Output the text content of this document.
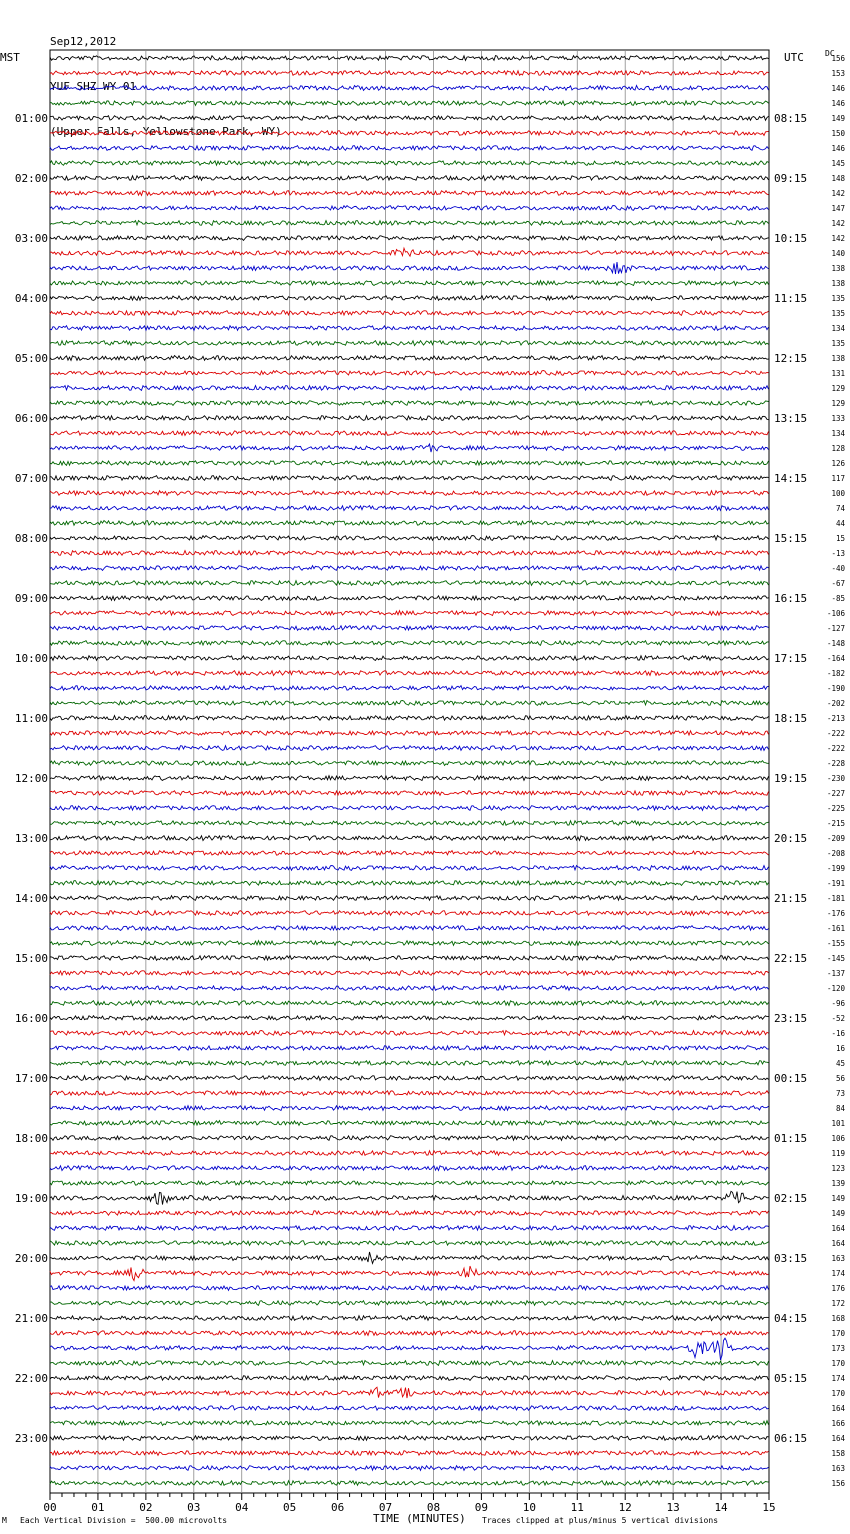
Sep12,2012

YUF SHZ WY 01

(Upper Falls, Yellowstone Park, WY)

MST	UTC	DC
01:00
02:00
03:00
04:00
05:00
06:00
07:00
08:00
09:00
10:00
11:00
12:00
13:00
14:00
15:00
16:00
17:00
18:00
19:00
20:00
21:00
22:00
23:00
08:15
09:15
10:15
11:15
12:15
13:15
14:15
15:15
16:15
17:15
18:15
19:15
20:15
21:15
22:15
23:15
00:15
01:15
02:15
03:15
04:15
05:15
06:15
156
153
146
146
149
150
146
145
148
142
147
142
142
140
138
138
135
135
134
135
138
131
129
129
133
134
128
126
117
100
74
44
15
-13
-40
-67
-85
-106
-127
-148
-164
-182
-190
-202
-213
-222
-222
-228
-230
-227
-225
-215
-209
-208
-199
-191
-181
-176
-161
-155
-145
-137
-120
-96
-52
-16
16
45
56
73
84
101
106
119
123
139
149
149
164
164
163
174
176
172
168
170
173
170
174
170
164
166
164
158
163
156
00	01	02	03	04	05	06	07	08	09	10	11	12	13	14	15
M Each Vertical Division =  500.00 microvolts	TIME (MINUTES) Traces clipped at plus/minus 5 vertical divisions
